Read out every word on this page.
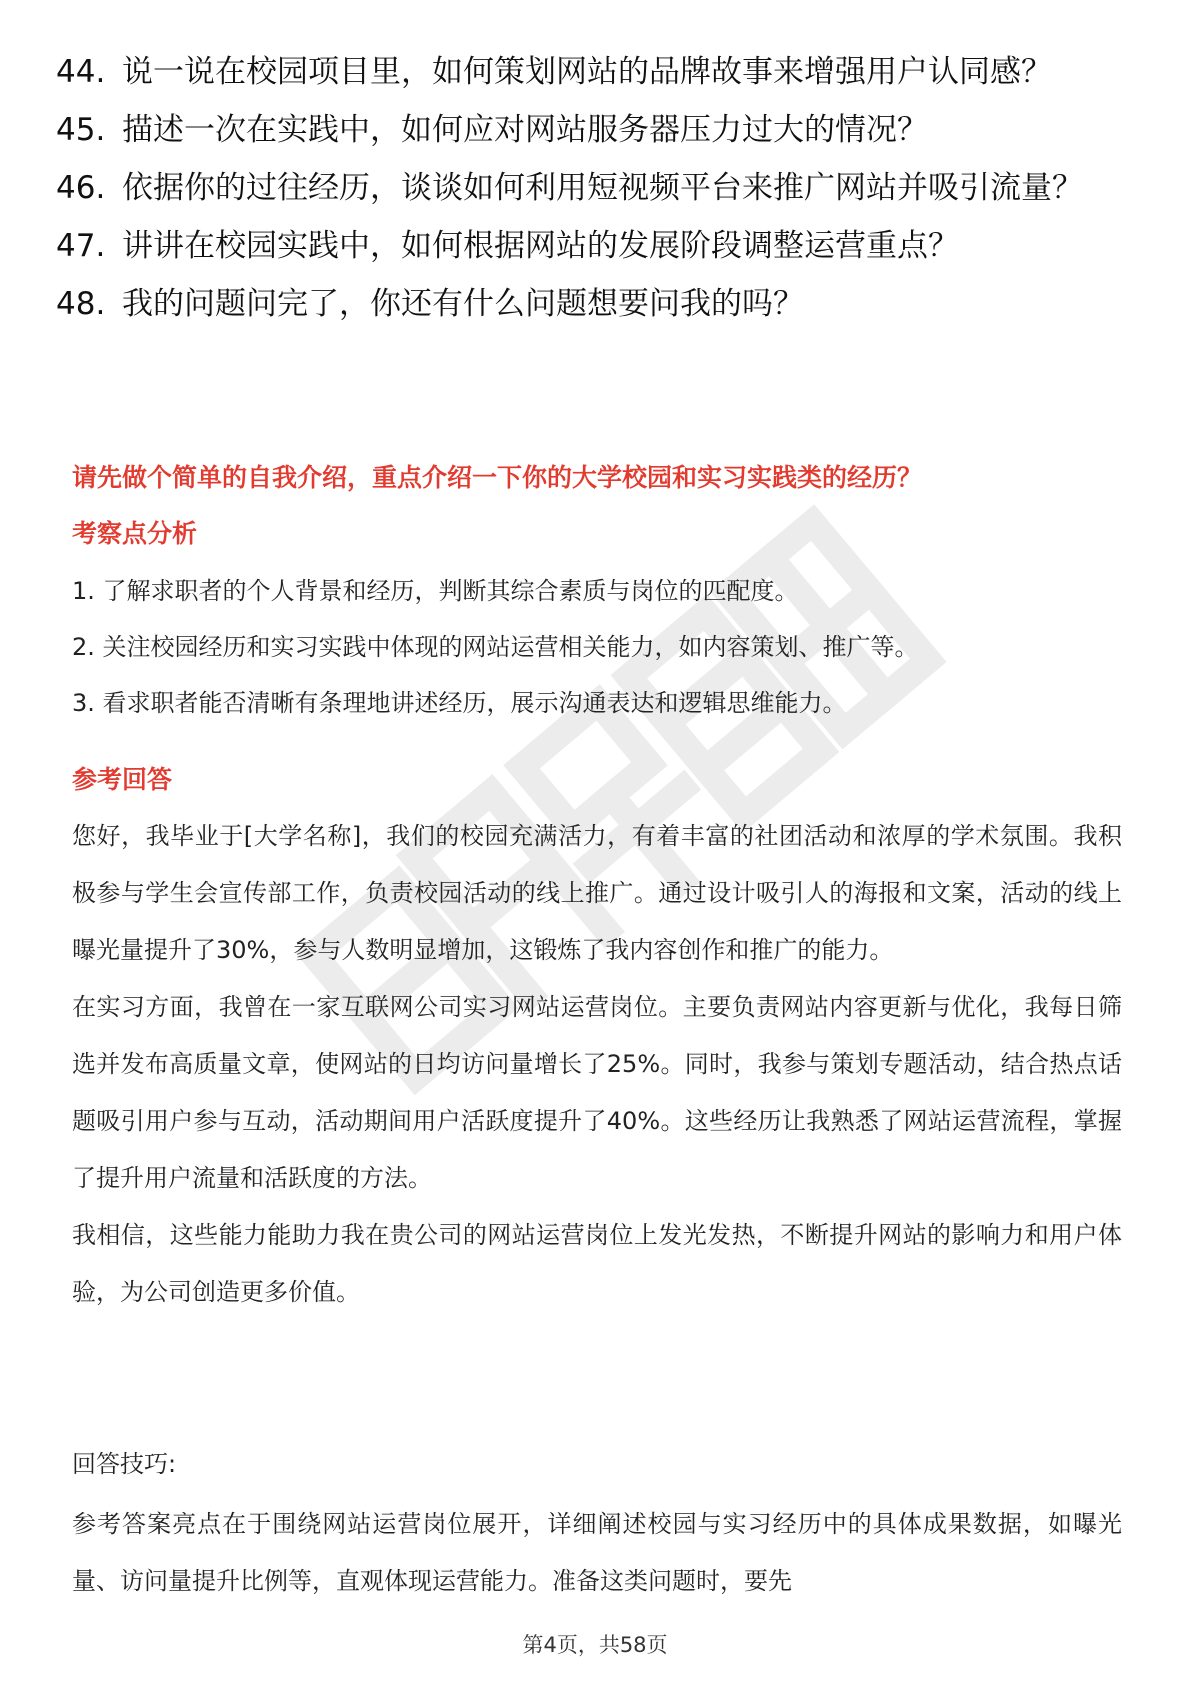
44. 说一说在校园项目里，如何策划网站的品牌故事来增强用户认同感？
45. 描述一次在实践中，如何应对网站服务器压力过大的情况？
46. 依据你的过往经历，谈谈如何利用短视频平台来推广网站并吸引流量？
47. 讲讲在校园实践中，如何根据网站的发展阶段调整运营重点？
48. 我的问题问完了，你还有什么问题想要问我的吗？
请先做个简单的自我介绍，重点介绍一下你的大学校园和实习实践类的经历？
考察点分析
1. 了解求职者的个人背景和经历，判断其综合素质与岗位的匹配度。
2. 关注校园经历和实习实践中体现的网站运营相关能力，如内容策划、推广等。
3. 看求职者能否清晰有条理地讲述经历，展示沟通表达和逻辑思维能力。
参考回答

您好，我毕业于[大学名称]，我们的校园充满活力，有着丰富的社团活动和浓厚的学术氛围。我积极参与学生会宣传部工作，负责校园活动的线上推广。通过设计吸引人的海报和文案，活动的线上曝光量提升了30%，参与人数明显增加，这锻炼了我内容创作和推广的能力。

在实习方面，我曾在一家互联网公司实习网站运营岗位。主要负责网站内容更新与优化，我每日筛选并发布高质量文章，使网站的日均访问量增长了25%。同时，我参与策划专题活动，结合热点话题吸引用户参与互动，活动期间用户活跃度提升了40%。这些经历让我熟悉了网站运营流程，掌握了提升用户流量和活跃度的方法。

我相信，这些能力能助力我在贵公司的网站运营岗位上发光发热，不断提升网站的影响力和用户体验，为公司创造更多价值。

回答技巧:

参考答案亮点在于围绕网站运营岗位展开，详细阐述校园与实习经历中的具体成果数据，如曝光量、访问量提升比例等，直观体现运营能力。准备这类问题时，要先

第4页，共58页
